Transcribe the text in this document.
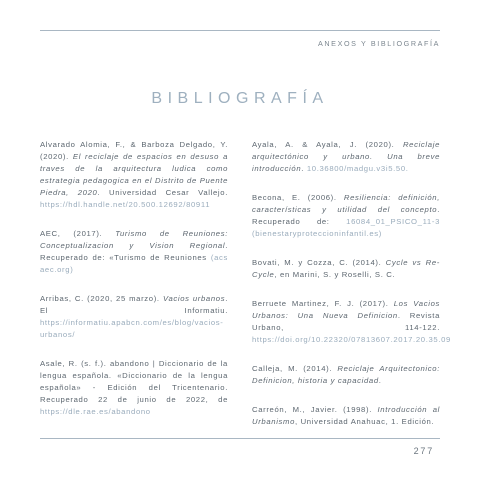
ANEXOS Y BIBLIOGRAFÍA
BIBLIOGRAFÍA

Alvarado Alomia, F., & Barboza Delgado, Y. (2020). El reciclaje de espacios en desuso a traves de la arquitectura ludica como estrategia pedagogica en el Distrito de Puente Piedra, 2020. Universidad Cesar Vallejo. https://hdl.handle.net/20.500.12692/80911

AEC, (2017). Turismo de Reuniones: Conceptualizacion y Vision Regional. Recuperado de: «Turismo de Reuniones (acs aec.org)

Arribas, C. (2020, 25 marzo). Vacios urbanos. El Informatiu. https://informatiu.apabcn.com/es/blog/vacios-urbanos/

Asale, R. (s. f.). abandono | Diccionario de la lengua española. «Diccionario de la lengua española» - Edición del Tricentenario. Recuperado 22 de junio de 2022, de https://dle.rae.es/abandono

Ayala, A. & Ayala, J. (2020). Reciclaje arquitectónico y urbano. Una breve introducción. 10.36800/madgu.v3i5.50.

Becona, E. (2006). Resiliencia: definición, características y utilidad del concepto. Recuperado de: 16084_01_PSICO_11-3 (bienestaryproteccioninfantil.es)

Bovati, M. y Cozza, C. (2014). Cycle vs Re-Cycle, en Marini, S. y Roselli, S. C.

Berruete Martinez, F. J. (2017). Los Vacios Urbanos: Una Nueva Definicion. Revista Urbano, 114-122. https://doi.org/10.22320/07813607.2017.20.35.09

Calleja, M. (2014). Reciclaje Arquitectonico: Definicion, historia y capacidad.

Carreón, M., Javier. (1998). Introducción al Urbanismo, Universidad Anahuac, 1. Edición.

277
